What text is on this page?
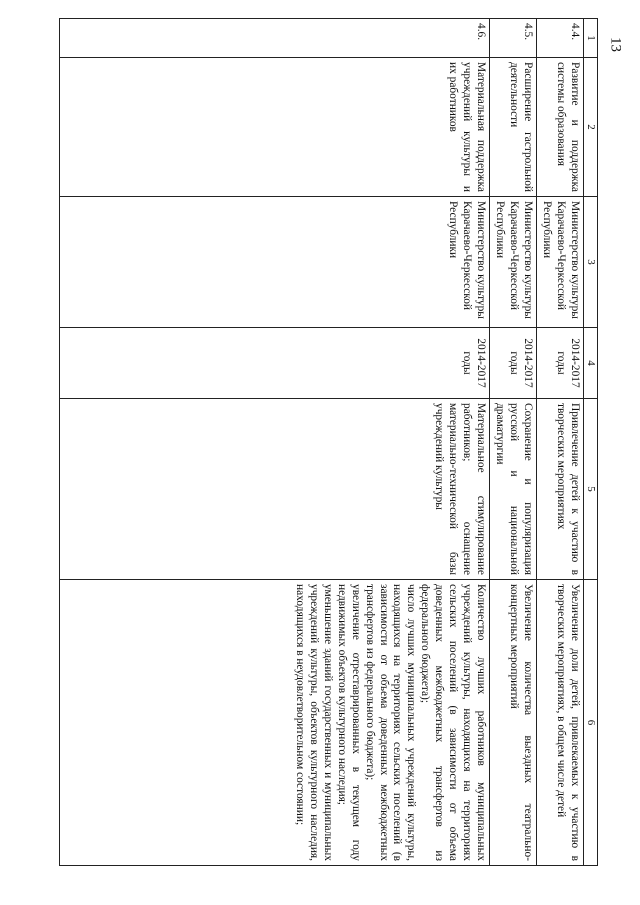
13
1	2	3	4	5	6
4.4.	Развитие и поддержка системы образования	Министерство культуры Карачаево-Черкесской Республики	2014-2017 годы	Привлечение детей к участию в творческих мероприятиях	Увеличение доли детей, привлекаемых к участию в творческих мероприятиях, в общем числе детей

4.5.	Расширение гастрольной деятельности	Министерство культуры Карачаево-Черкесской Республики	2014-2017 годы	Сохранение и популяризация русской и национальной драматургии	Увеличение количества выездных театрально-концертных мероприятий

4.6.	Материальная поддержка учреждений культуры и их работников	Министерство культуры Карачаево-Черкесской Республики	2014-2017 годы	Материальное стимулирование работников; оснащение материально-технической базы учреждений культуры	Количество лучших работников муниципальных учреждений культуры, находящихся на территориях сельских поселений (в зависимости от объема доведенных межбюджетных трансфертов из федерального бюджета);
число лучших муниципальных учреждений культуры, находящихся на территориях сельских поселений (в зависимости от объема доведенных межбюджетных трансфертов из федерального бюджета);
увеличение отреставрированных в текущем году недвижимых объектов культурного наследия;
уменьшение зданий государственных и муниципальных учреждений культуры, объектов культурного наследия, находящихся в неудовлетворительном состоянии;
